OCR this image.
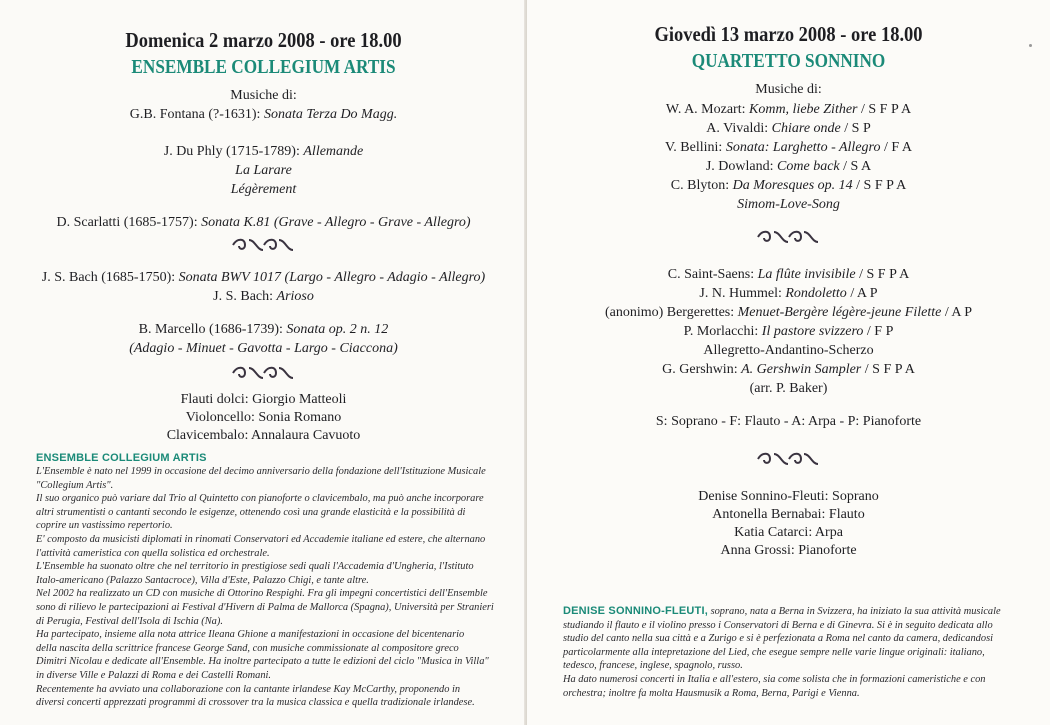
Domenica 2 marzo 2008 - ore 18.00
ENSEMBLE COLLEGIUM ARTIS
Musiche di:
G.B. Fontana (?-1631): Sonata Terza Do Magg.
J. Du Phly (1715-1789): Allemande
La Larare
Légèrement
D. Scarlatti (1685-1757): Sonata K.81 (Grave - Allegro - Grave - Allegro)
J. S. Bach (1685-1750): Sonata BWV 1017 (Largo - Allegro - Adagio - Allegro)
J. S. Bach: Arioso
B. Marcello (1686-1739): Sonata op. 2 n. 12
(Adagio - Minuet - Gavotta - Largo - Ciaccona)
Flauti dolci: Giorgio Matteoli
Violoncello: Sonia Romano
Clavicembalo: Annalaura Cavuoto
ENSEMBLE COLLEGIUM ARTIS

L'Ensemble è nato nel 1999 in occasione del decimo anniversario della fondazione dell'Istituzione Musicale

"Collegium Artis".

Il suo organico può variare dal Trio al Quintetto con pianoforte o clavicembalo, ma può anche incorporare

altri strumentisti o cantanti secondo le esigenze, ottenendo così una grande elasticità e la possibilità di

coprire un vastissimo repertorio.

E' composto da musicisti diplomati in rinomati Conservatori ed Accademie italiane ed estere, che alternano

l'attività cameristica con quella solistica ed orchestrale.

L'Ensemble ha suonato oltre che nel territorio in prestigiose sedi quali l'Accademia d'Ungheria, l'Istituto

Italo-americano (Palazzo Santacroce), Villa d'Este, Palazzo Chigi, e tante altre.

Nel 2002 ha realizzato un CD con musiche di Ottorino Respighi. Fra gli impegni concertistici dell'Ensemble

sono di rilievo le partecipazioni ai Festival d'Hivern di Palma de Mallorca (Spagna), Università per Stranieri

di Perugia, Festival dell'Isola di Ischia (Na).

Ha partecipato, insieme alla nota attrice Ileana Ghione a manifestazioni in occasione del bicentenario

della nascita della scrittrice francese George Sand, con musiche commissionate al compositore greco

Dimitri Nicolau e dedicate all'Ensemble. Ha inoltre partecipato a tutte le edizioni del ciclo "Musica in Villa"

in diverse Ville e Palazzi di Roma e dei Castelli Romani.

Recentemente ha avviato una collaborazione con la cantante irlandese Kay McCarthy, proponendo in

diversi concerti apprezzati programmi di crossover tra la musica classica e quella tradizionale irlandese.

Giovedì 13 marzo 2008 - ore 18.00
QUARTETTO SONNINO
Musiche di:
W. A. Mozart: Komm, liebe Zither / S F P A
A. Vivaldi: Chiare onde / S P
V. Bellini: Sonata: Larghetto - Allegro / F A
J. Dowland: Come back / S A
C. Blyton: Da Moresques op. 14 / S F P A
Simom-Love-Song
C. Saint-Saens: La flûte invisibile / S F P A
J. N. Hummel: Rondoletto / A P
(anonimo) Bergerettes: Menuet-Bergère légère-jeune Filette / A P
P. Morlacchi: Il pastore svizzero / F P
Allegretto-Andantino-Scherzo
G. Gershwin: A. Gershwin Sampler / S F P A
(arr. P. Baker)
S: Soprano - F: Flauto - A: Arpa - P: Pianoforte
Denise Sonnino-Fleuti: Soprano
Antonella Bernabai: Flauto
Katia Catarci: Arpa
Anna Grossi: Pianoforte

DENISE SONNINO-FLEUTI, soprano, nata a Berna in Svizzera, ha iniziato la sua attività musicale

studiando il flauto e il violino presso i Conservatori di Berna e di Ginevra. Si è in seguito dedicata allo

studio del canto nella sua città e a Zurigo e si è perfezionata a Roma nel canto da camera, dedicandosi

particolarmente alla intepretazione del Lied, che esegue sempre nelle varie lingue originali: italiano,

tedesco, francese, inglese, spagnolo, russo.

Ha dato numerosi concerti in Italia e all'estero, sia come solista che in formazioni cameristiche e con

orchestra; inoltre fa molta Hausmusik a Roma, Berna, Parigi e Vienna.
